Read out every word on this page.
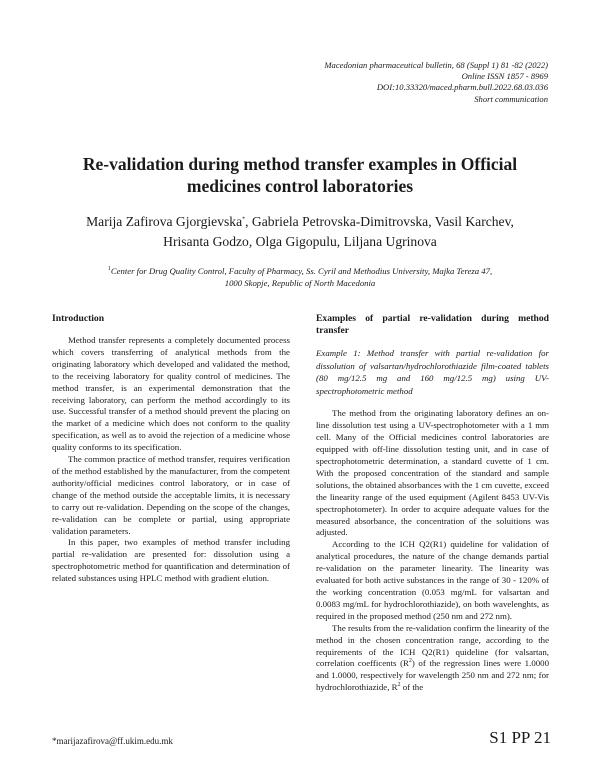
Macedonian pharmaceutical bulletin, 68 (Suppl 1) 81 -82 (2022)
Online ISSN 1857 - 8969
DOI:10.33320/maced.pharm.bull.2022.68.03.036
Short communication
Re-validation during method transfer examples in Official
medicines control laboratories
Marija Zafirova Gjorgievska*, Gabriela Petrovska-Dimitrovska, Vasil Karchev,
Hrisanta Godzo, Olga Gigopulu, Liljana Ugrinova
$^1$Center for Drug Quality Control, Faculty of Pharmacy, Ss. Cyril and Methodius University, Majka Tereza 47,
1000 Skopje, Republic of North Macedonia
Introduction

Method transfer represents a completely documented process which covers transferring of analytical methods from the originating laboratory which developed and validated the method, to the receiving laboratory for quality control of medicines. The method transfer, is an experimental demonstration that the receiving laboratory, can perform the method accordingly to its use. Successful transfer of a method should prevent the placing on the market of a medicine which does not conform to the quality specification, as well as to avoid the rejection of a medicine whose quality conforms to its specification.

The common practice of method transfer, requires verification of the method established by the manufacturer, from the competent authority/official medicines control laboratory, or in case of change of the method outside the acceptable limits, it is necessary to carry out re-validation. Depending on the scope of the changes, re-validation can be complete or partial, using appropriate validation parameters.

In this paper, two examples of method transfer including partial re-validation are presented for: dissolution using a spectrophotometric method for quantification and determination of related substances using HPLC method with gradient elution.

Examples of partial re-validation during method transfer

Example 1: Method transfer with partial re-validation for dissolution of valsartan/hydrochlorothiazide film-coated tablets (80 mg/12.5 mg and 160 mg/12.5 mg) using UV-spectrophotometric method

The method from the originating laboratory defines an on-line dissolution test using a UV-spectrophotometer with a 1 mm cell. Many of the Official medicines control laboratories are equipped with off-line dissolution testing unit, and in case of spectrophotometric determination, a standard cuvette of 1 cm. With the proposed concentration of the standard and sample solutions, the obtained absorbances with the 1 cm cuvette, exceed the linearity range of the used equipment (Agilent 8453 UV-Vis spectrophotometer). In order to acquire adequate values for the measured absorbance, the concentration of the soluitions was adjusted.

According to the ICH Q2(R1) quideline for validation of analytical procedures, the nature of the change demands partial re-validation on the parameter linearity. The linearity was evaluated for both active substances in the range of 30 - 120% of the working concentration (0.053 mg/mL for valsartan and 0.0083 mg/mL for hydrochlorothiazide), on both wavelenghts, as required in the proposed method (250 nm and 272 nm).

The results from the re-validation confirm the linearity of the method in the chosen concentration range, according to the requirements of the ICH Q2(R1) quideline (for valsartan, correlation coefficents $(R^2)$ of the regression lines were 1.0000 and 1.0000, respectively for wavelength 250 nm and 272 nm; for hydrochlorothiazide, $R^2$ of the

*marijazafirova@ff.ukim.edu.mk	S1 PP 21
